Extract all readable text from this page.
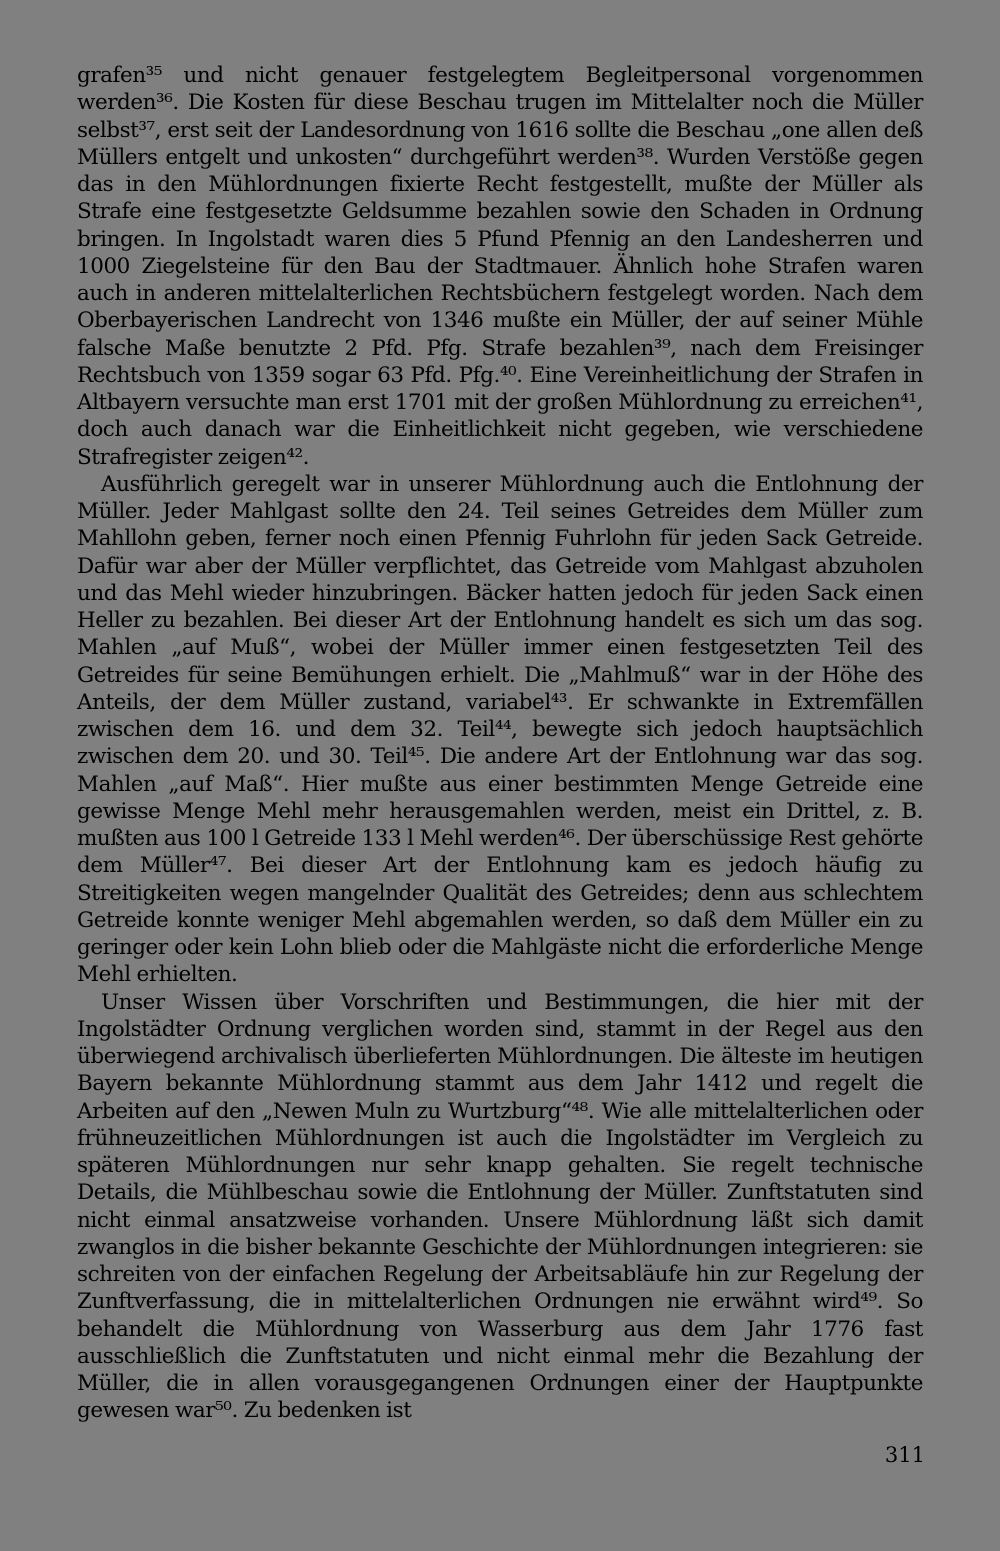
grafen³⁵ und nicht genauer festgelegtem Begleitpersonal vorgenommen werden³⁶. Die Kosten für diese Beschau trugen im Mittelalter noch die Müller selbst³⁷, erst seit der Landesordnung von 1616 sollte die Beschau „one allen deß Müllers entgelt und unkosten“ durchgeführt werden³⁸. Wurden Verstöße gegen das in den Mühlordnungen fixierte Recht festgestellt, mußte der Müller als Strafe eine festgesetzte Geldsumme bezahlen sowie den Schaden in Ordnung bringen. In Ingolstadt waren dies 5 Pfund Pfennig an den Landesherren und 1000 Ziegelsteine für den Bau der Stadtmauer. Ähnlich hohe Strafen waren auch in anderen mittelalterlichen Rechtsbüchern festgelegt worden. Nach dem Oberbayerischen Landrecht von 1346 mußte ein Müller, der auf seiner Mühle falsche Maße benutzte 2 Pfd. Pfg. Strafe bezahlen³⁹, nach dem Freisinger Rechtsbuch von 1359 sogar 63 Pfd. Pfg.⁴⁰. Eine Vereinheitlichung der Strafen in Altbayern versuchte man erst 1701 mit der großen Mühlordnung zu erreichen⁴¹, doch auch danach war die Einheitlichkeit nicht gegeben, wie verschiedene Strafregister zeigen⁴².

Ausführlich geregelt war in unserer Mühlordnung auch die Entlohnung der Müller. Jeder Mahlgast sollte den 24. Teil seines Getreides dem Müller zum Mahllohn geben, ferner noch einen Pfennig Fuhrlohn für jeden Sack Getreide. Dafür war aber der Müller verpflichtet, das Getreide vom Mahlgast abzuholen und das Mehl wieder hinzubringen. Bäcker hatten jedoch für jeden Sack einen Heller zu bezahlen. Bei dieser Art der Entlohnung handelt es sich um das sog. Mahlen „auf Muß“, wobei der Müller immer einen festgesetzten Teil des Getreides für seine Bemühungen erhielt. Die „Mahlmuß“ war in der Höhe des Anteils, der dem Müller zustand, variabel⁴³. Er schwankte in Extremfällen zwischen dem 16. und dem 32. Teil⁴⁴, bewegte sich jedoch hauptsächlich zwischen dem 20. und 30. Teil⁴⁵. Die andere Art der Entlohnung war das sog. Mahlen „auf Maß“. Hier mußte aus einer bestimmten Menge Getreide eine gewisse Menge Mehl mehr herausgemahlen werden, meist ein Drittel, z. B. mußten aus 100 l Getreide 133 l Mehl werden⁴⁶. Der überschüssige Rest gehörte dem Müller⁴⁷. Bei dieser Art der Entlohnung kam es jedoch häufig zu Streitigkeiten wegen mangelnder Qualität des Getreides; denn aus schlechtem Getreide konnte weniger Mehl abgemahlen werden, so daß dem Müller ein zu geringer oder kein Lohn blieb oder die Mahlgäste nicht die erforderliche Menge Mehl erhielten.

Unser Wissen über Vorschriften und Bestimmungen, die hier mit der Ingolstädter Ordnung verglichen worden sind, stammt in der Regel aus den überwiegend archivalisch überlieferten Mühlordnungen. Die älteste im heutigen Bayern bekannte Mühlordnung stammt aus dem Jahr 1412 und regelt die Arbeiten auf den „Newen Muln zu Wurtzburg“⁴⁸. Wie alle mittelalterlichen oder frühneuzeitlichen Mühlordnungen ist auch die Ingolstädter im Vergleich zu späteren Mühlordnungen nur sehr knapp gehalten. Sie regelt technische Details, die Mühlbeschau sowie die Entlohnung der Müller. Zunftstatuten sind nicht einmal ansatzweise vorhanden. Unsere Mühlordnung läßt sich damit zwanglos in die bisher bekannte Geschichte der Mühlordnungen integrieren: sie schreiten von der einfachen Regelung der Arbeitsabläufe hin zur Regelung der Zunftverfassung, die in mittelalterlichen Ordnungen nie erwähnt wird⁴⁹. So behandelt die Mühlordnung von Wasserburg aus dem Jahr 1776 fast ausschließlich die Zunftstatuten und nicht einmal mehr die Bezahlung der Müller, die in allen vorausgegangenen Ordnungen einer der Hauptpunkte gewesen war⁵⁰. Zu bedenken ist

311
